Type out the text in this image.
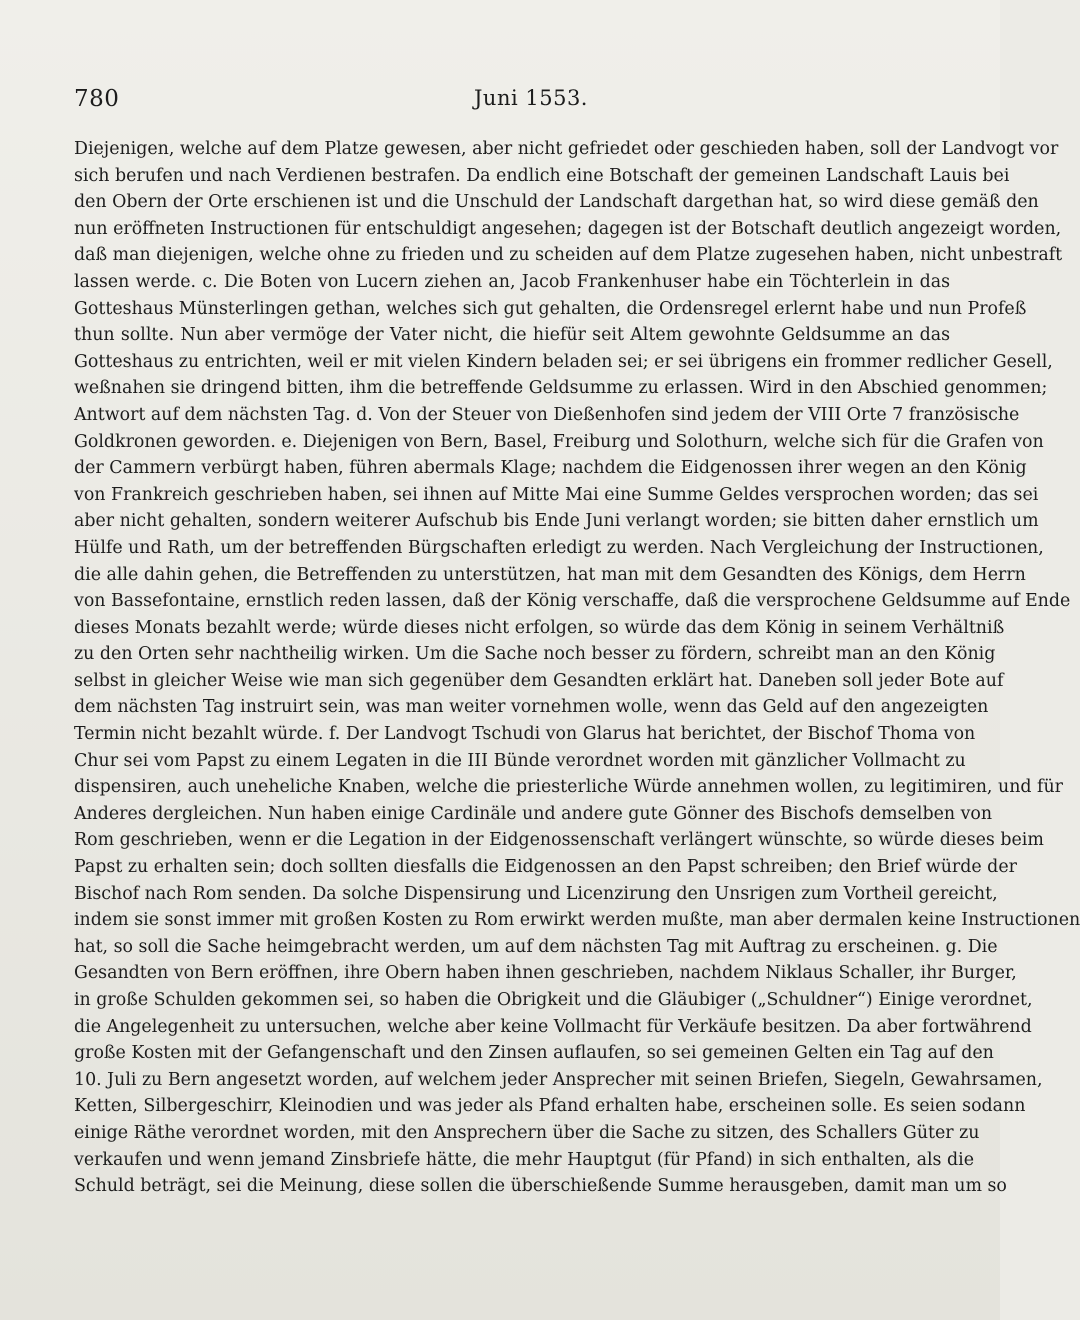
780	Juni 1553.
Diejenigen, welche auf dem Platze gewesen, aber nicht gefriedet oder geschieden haben, soll der Landvogt vor
sich berufen und nach Verdienen bestrafen. Da endlich eine Botschaft der gemeinen Landschaft Lauis bei
den Obern der Orte erschienen ist und die Unschuld der Landschaft dargethan hat, so wird diese gemäß den
nun eröffneten Instructionen für entschuldigt angesehen; dagegen ist der Botschaft deutlich angezeigt worden,
daß man diejenigen, welche ohne zu frieden und zu scheiden auf dem Platze zugesehen haben, nicht unbestraft
lassen werde. c. Die Boten von Lucern ziehen an, Jacob Frankenhuser habe ein Töchterlein in das
Gotteshaus Münsterlingen gethan, welches sich gut gehalten, die Ordensregel erlernt habe und nun Profeß
thun sollte. Nun aber vermöge der Vater nicht, die hiefür seit Altem gewohnte Geldsumme an das
Gotteshaus zu entrichten, weil er mit vielen Kindern beladen sei; er sei übrigens ein frommer redlicher Gesell,
weßnahen sie dringend bitten, ihm die betreffende Geldsumme zu erlassen. Wird in den Abschied genommen;
Antwort auf dem nächsten Tag. d. Von der Steuer von Dießenhofen sind jedem der VIII Orte 7 französische
Goldkronen geworden. e. Diejenigen von Bern, Basel, Freiburg und Solothurn, welche sich für die Grafen von
der Cammern verbürgt haben, führen abermals Klage; nachdem die Eidgenossen ihrer wegen an den König
von Frankreich geschrieben haben, sei ihnen auf Mitte Mai eine Summe Geldes versprochen worden; das sei
aber nicht gehalten, sondern weiterer Aufschub bis Ende Juni verlangt worden; sie bitten daher ernstlich um
Hülfe und Rath, um der betreffenden Bürgschaften erledigt zu werden. Nach Vergleichung der Instructionen,
die alle dahin gehen, die Betreffenden zu unterstützen, hat man mit dem Gesandten des Königs, dem Herrn
von Bassefontaine, ernstlich reden lassen, daß der König verschaffe, daß die versprochene Geldsumme auf Ende
dieses Monats bezahlt werde; würde dieses nicht erfolgen, so würde das dem König in seinem Verhältniß
zu den Orten sehr nachtheilig wirken. Um die Sache noch besser zu fördern, schreibt man an den König
selbst in gleicher Weise wie man sich gegenüber dem Gesandten erklärt hat. Daneben soll jeder Bote auf
dem nächsten Tag instruirt sein, was man weiter vornehmen wolle, wenn das Geld auf den angezeigten
Termin nicht bezahlt würde. f. Der Landvogt Tschudi von Glarus hat berichtet, der Bischof Thoma von
Chur sei vom Papst zu einem Legaten in die III Bünde verordnet worden mit gänzlicher Vollmacht zu
dispensiren, auch uneheliche Knaben, welche die priesterliche Würde annehmen wollen, zu legitimiren, und für
Anderes dergleichen. Nun haben einige Cardinäle und andere gute Gönner des Bischofs demselben von
Rom geschrieben, wenn er die Legation in der Eidgenossenschaft verlängert wünschte, so würde dieses beim
Papst zu erhalten sein; doch sollten diesfalls die Eidgenossen an den Papst schreiben; den Brief würde der
Bischof nach Rom senden. Da solche Dispensirung und Licenzirung den Unsrigen zum Vortheil gereicht,
indem sie sonst immer mit großen Kosten zu Rom erwirkt werden mußte, man aber dermalen keine Instructionen
hat, so soll die Sache heimgebracht werden, um auf dem nächsten Tag mit Auftrag zu erscheinen. g. Die
Gesandten von Bern eröffnen, ihre Obern haben ihnen geschrieben, nachdem Niklaus Schaller, ihr Burger,
in große Schulden gekommen sei, so haben die Obrigkeit und die Gläubiger („Schuldner“) Einige verordnet,
die Angelegenheit zu untersuchen, welche aber keine Vollmacht für Verkäufe besitzen. Da aber fortwährend
große Kosten mit der Gefangenschaft und den Zinsen auflaufen, so sei gemeinen Gelten ein Tag auf den
10. Juli zu Bern angesetzt worden, auf welchem jeder Ansprecher mit seinen Briefen, Siegeln, Gewahrsamen,
Ketten, Silbergeschirr, Kleinodien und was jeder als Pfand erhalten habe, erscheinen solle. Es seien sodann
einige Räthe verordnet worden, mit den Ansprechern über die Sache zu sitzen, des Schallers Güter zu
verkaufen und wenn jemand Zinsbriefe hätte, die mehr Hauptgut (für Pfand) in sich enthalten, als die
Schuld beträgt, sei die Meinung, diese sollen die überschießende Summe herausgeben, damit man um so
